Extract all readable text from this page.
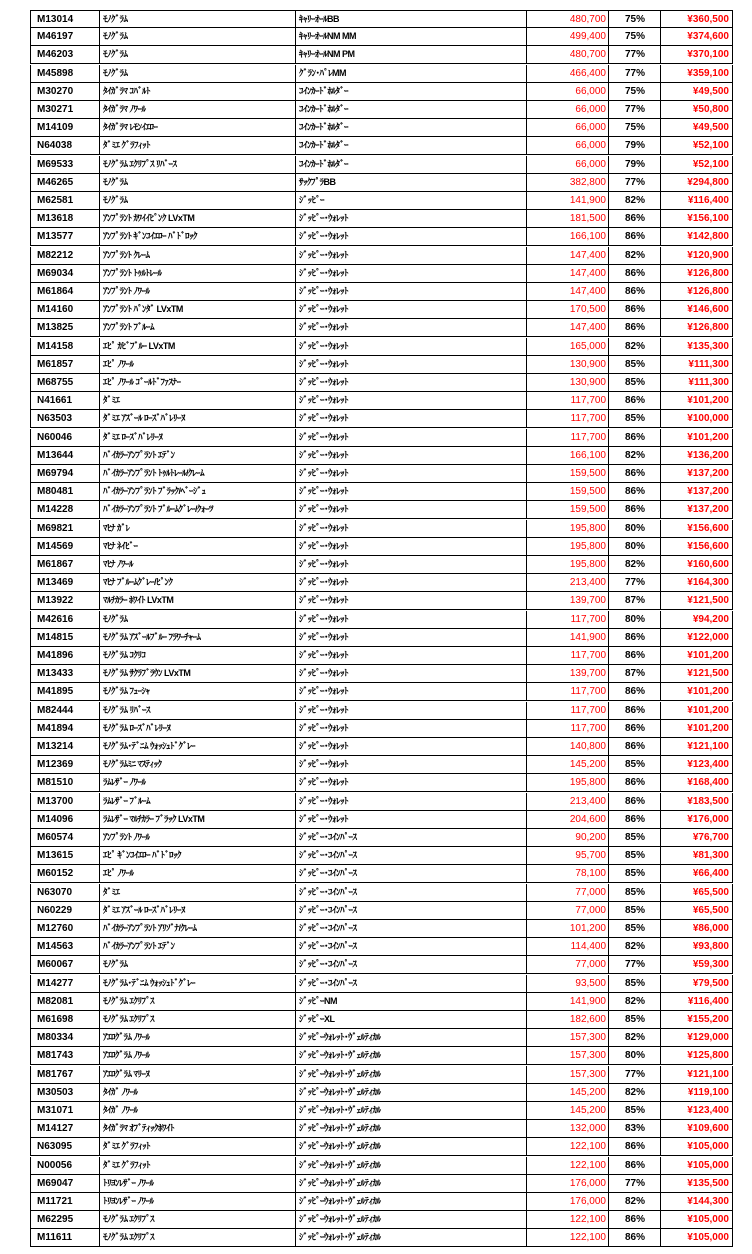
M13014	ﾓﾉｸﾞﾗﾑ	ｷｬﾘｰｵｰﾙBB	480,700	75%	¥360,500
M46197	ﾓﾉｸﾞﾗﾑ	ｷｬﾘｰｵｰﾙNM MM	499,400	75%	¥374,600
M46203	ﾓﾉｸﾞﾗﾑ	ｷｬﾘｰｵｰﾙNM PM	480,700	77%	¥370,100
M45898	ﾓﾉｸﾞﾗﾑ	ｸﾞﾗﾝ･ﾊﾟﾚMM	466,400	77%	¥359,100
M30270	ﾀｲｶﾞﾗﾏ ｺﾊﾞﾙﾄ	ｺｲﾝｶｰﾄﾞﾎﾙﾀﾞｰ	66,000	75%	¥49,500
M30271	ﾀｲｶﾞﾗﾏ ﾉﾜｰﾙ	ｺｲﾝｶｰﾄﾞﾎﾙﾀﾞｰ	66,000	77%	¥50,800
M14109	ﾀｲｶﾞﾗﾏ ﾚﾓﾝｲｴﾛｰ	ｺｲﾝｶｰﾄﾞﾎﾙﾀﾞｰ	66,000	75%	¥49,500
N64038	ﾀﾞﾐｴ ｸﾞﾗﾌｨｯﾄ	ｺｲﾝｶｰﾄﾞﾎﾙﾀﾞｰ	66,000	79%	¥52,100
M69533	ﾓﾉｸﾞﾗﾑ ｴｸﾘﾌﾟｽ ﾘﾊﾞｰｽ	ｺｲﾝｶｰﾄﾞﾎﾙﾀﾞｰ	66,000	79%	¥52,100
M46265	ﾓﾉｸﾞﾗﾑ	ｻｯｸﾌﾟﾗBB	382,800	77%	¥294,800
M62581	ﾓﾉｸﾞﾗﾑ	ｼﾞｯﾋﾟｰ	141,900	82%	¥116,400
M13618	ｱﾝﾌﾟﾗﾝﾄ ｶﾜｲｲﾋﾟﾝｸ LVxTM	ｼﾞｯﾋﾟｰ･ｳｫﾚｯﾄ	181,500	86%	¥156,100
M13577	ｱﾝﾌﾟﾗﾝﾄ ｷﾞﾝｺｲｴﾛｰ ﾊﾞﾄﾞﾛｯｸ	ｼﾞｯﾋﾟｰ･ｳｫﾚｯﾄ	166,100	86%	¥142,800
M82212	ｱﾝﾌﾟﾗﾝﾄ ｸﾚｰﾑ	ｼﾞｯﾋﾟｰ･ｳｫﾚｯﾄ	147,400	82%	¥120,900
M69034	ｱﾝﾌﾟﾗﾝﾄ ﾄｩﾙﾄﾚｰﾙ	ｼﾞｯﾋﾟｰ･ｳｫﾚｯﾄ	147,400	86%	¥126,800
M61864	ｱﾝﾌﾟﾗﾝﾄ ﾉﾜｰﾙ	ｼﾞｯﾋﾟｰ･ｳｫﾚｯﾄ	147,400	86%	¥126,800
M14160	ｱﾝﾌﾟﾗﾝﾄ ﾊﾟﾝﾀﾞ LVxTM	ｼﾞｯﾋﾟｰ･ｳｫﾚｯﾄ	170,500	86%	¥146,600
M13825	ｱﾝﾌﾟﾗﾝﾄ ﾌﾞﾙｰﾑ	ｼﾞｯﾋﾟｰ･ｳｫﾚｯﾄ	147,400	86%	¥126,800
M14158	ｴﾋﾟ ｶﾋﾞﾌﾞﾙｰ LVxTM	ｼﾞｯﾋﾟｰ･ｳｫﾚｯﾄ	165,000	82%	¥135,300
M61857	ｴﾋﾟ ﾉﾜｰﾙ	ｼﾞｯﾋﾟｰ･ｳｫﾚｯﾄ	130,900	85%	¥111,300
M68755	ｴﾋﾟ ﾉﾜｰﾙ ｺﾞｰﾙﾄﾞﾌｧｽﾅｰ	ｼﾞｯﾋﾟｰ･ｳｫﾚｯﾄ	130,900	85%	¥111,300
N41661	ﾀﾞﾐｴ	ｼﾞｯﾋﾟｰ･ｳｫﾚｯﾄ	117,700	86%	¥101,200
N63503	ﾀﾞﾐｴ ｱｽﾞｰﾙ ﾛｰｽﾞﾊﾞﾚﾘｰﾇ	ｼﾞｯﾋﾟｰ･ｳｫﾚｯﾄ	117,700	85%	¥100,000
N60046	ﾀﾞﾐｴ ﾛｰｽﾞﾊﾞﾚﾘｰﾇ	ｼﾞｯﾋﾟｰ･ｳｫﾚｯﾄ	117,700	86%	¥101,200
M13644	ﾊﾞｲｶﾗｰｱﾝﾌﾟﾗﾝﾄ ｴﾃﾞﾝ	ｼﾞｯﾋﾟｰ･ｳｫﾚｯﾄ	166,100	82%	¥136,200
M69794	ﾊﾞｲｶﾗｰｱﾝﾌﾟﾗﾝﾄ ﾄｩﾙﾄﾚｰﾙ/ｸﾚｰﾑ	ｼﾞｯﾋﾟｰ･ｳｫﾚｯﾄ	159,500	86%	¥137,200
M80481	ﾊﾞｲｶﾗｰｱﾝﾌﾟﾗﾝﾄ ﾌﾞﾗｯｸ/ﾍﾞｰｼﾞｭ	ｼﾞｯﾋﾟｰ･ｳｫﾚｯﾄ	159,500	86%	¥137,200
M14228	ﾊﾞｲｶﾗｰｱﾝﾌﾟﾗﾝﾄ ﾌﾞﾙｰﾑｸﾞﾚｰ/ｸｫｰﾂ	ｼﾞｯﾋﾟｰ･ｳｫﾚｯﾄ	159,500	86%	¥137,200
M69821	ﾏﾋﾅ ｶﾞﾚ	ｼﾞｯﾋﾟｰ･ｳｫﾚｯﾄ	195,800	80%	¥156,600
M14569	ﾏﾋﾅ ﾈｲﾋﾞｰ	ｼﾞｯﾋﾟｰ･ｳｫﾚｯﾄ	195,800	80%	¥156,600
M61867	ﾏﾋﾅ ﾉﾜｰﾙ	ｼﾞｯﾋﾟｰ･ｳｫﾚｯﾄ	195,800	82%	¥160,600
M13469	ﾏﾋﾅ ﾌﾞﾙｰﾑｸﾞﾚｰ/ﾋﾟﾝｸ	ｼﾞｯﾋﾟｰ･ｳｫﾚｯﾄ	213,400	77%	¥164,300
M13922	ﾏﾙﾁｶﾗｰ ﾎﾜｲﾄ LVxTM	ｼﾞｯﾋﾟｰ･ｳｫﾚｯﾄ	139,700	87%	¥121,500
M42616	ﾓﾉｸﾞﾗﾑ	ｼﾞｯﾋﾟｰ･ｳｫﾚｯﾄ	117,700	80%	¥94,200
M14815	ﾓﾉｸﾞﾗﾑ ｱｽﾞｰﾙﾌﾞﾙｰ ﾌﾗﾜｰﾁｬｰﾑ	ｼﾞｯﾋﾟｰ･ｳｫﾚｯﾄ	141,900	86%	¥122,000
M41896	ﾓﾉｸﾞﾗﾑ ｺｸﾘｺ	ｼﾞｯﾋﾟｰ･ｳｫﾚｯﾄ	117,700	86%	¥101,200
M13433	ﾓﾉｸﾞﾗﾑ ｻｸﾗﾌﾞﾗｳﾝ LVxTM	ｼﾞｯﾋﾟｰ･ｳｫﾚｯﾄ	139,700	87%	¥121,500
M41895	ﾓﾉｸﾞﾗﾑ ﾌｭｰｼｬ	ｼﾞｯﾋﾟｰ･ｳｫﾚｯﾄ	117,700	86%	¥101,200
M82444	ﾓﾉｸﾞﾗﾑ ﾘﾊﾞｰｽ	ｼﾞｯﾋﾟｰ･ｳｫﾚｯﾄ	117,700	86%	¥101,200
M41894	ﾓﾉｸﾞﾗﾑ ﾛｰｽﾞﾊﾞﾚﾘｰﾇ	ｼﾞｯﾋﾟｰ･ｳｫﾚｯﾄ	117,700	86%	¥101,200
M13214	ﾓﾉｸﾞﾗﾑ･ﾃﾞﾆﾑ ｳｫｯｼｭﾄﾞｸﾞﾚｰ	ｼﾞｯﾋﾟｰ･ｳｫﾚｯﾄ	140,800	86%	¥121,100
M12369	ﾓﾉｸﾞﾗﾑﾐﾆ ﾏｽﾃｨｯｸ	ｼﾞｯﾋﾟｰ･ｳｫﾚｯﾄ	145,200	85%	¥123,400
M81510	ﾗﾑﾚｻﾞｰ ﾉﾜｰﾙ	ｼﾞｯﾋﾟｰ･ｳｫﾚｯﾄ	195,800	86%	¥168,400
M13700	ﾗﾑﾚｻﾞｰ ﾌﾞﾙｰﾑ	ｼﾞｯﾋﾟｰ･ｳｫﾚｯﾄ	213,400	86%	¥183,500
M14096	ﾗﾑﾚｻﾞｰ ﾏﾙﾁｶﾗｰ ﾌﾞﾗｯｸ LVxTM	ｼﾞｯﾋﾟｰ･ｳｫﾚｯﾄ	204,600	86%	¥176,000
M60574	ｱﾝﾌﾟﾗﾝﾄ ﾉﾜｰﾙ	ｼﾞｯﾋﾟｰ･ｺｲﾝﾊﾟｰｽ	90,200	85%	¥76,700
M13615	ｴﾋﾟ ｷﾞﾝｺｲｴﾛｰ ﾊﾞﾄﾞﾛｯｸ	ｼﾞｯﾋﾟｰ･ｺｲﾝﾊﾟｰｽ	95,700	85%	¥81,300
M60152	ｴﾋﾟ ﾉﾜｰﾙ	ｼﾞｯﾋﾟｰ･ｺｲﾝﾊﾟｰｽ	78,100	85%	¥66,400
N63070	ﾀﾞﾐｴ	ｼﾞｯﾋﾟｰ･ｺｲﾝﾊﾟｰｽ	77,000	85%	¥65,500
N60229	ﾀﾞﾐｴ ｱｽﾞｰﾙ ﾛｰｽﾞﾊﾞﾚﾘｰﾇ	ｼﾞｯﾋﾟｰ･ｺｲﾝﾊﾟｰｽ	77,000	85%	¥65,500
M12760	ﾊﾞｲｶﾗｰｱﾝﾌﾟﾗﾝﾄ ｱﾘｿﾞﾅ/ｸﾚｰﾑ	ｼﾞｯﾋﾟｰ･ｺｲﾝﾊﾟｰｽ	101,200	85%	¥86,000
M14563	ﾊﾞｲｶﾗｰｱﾝﾌﾟﾗﾝﾄ ｴﾃﾞﾝ	ｼﾞｯﾋﾟｰ･ｺｲﾝﾊﾟｰｽ	114,400	82%	¥93,800
M60067	ﾓﾉｸﾞﾗﾑ	ｼﾞｯﾋﾟｰ･ｺｲﾝﾊﾟｰｽ	77,000	77%	¥59,300
M14277	ﾓﾉｸﾞﾗﾑ･ﾃﾞﾆﾑ ｳｫｯｼｭﾄﾞｸﾞﾚｰ	ｼﾞｯﾋﾟｰ･ｺｲﾝﾊﾟｰｽ	93,500	85%	¥79,500
M82081	ﾓﾉｸﾞﾗﾑ ｴｸﾘﾌﾟｽ	ｼﾞｯﾋﾟｰNM	141,900	82%	¥116,400
M61698	ﾓﾉｸﾞﾗﾑ ｴｸﾘﾌﾟｽ	ｼﾞｯﾋﾟｰXL	182,600	85%	¥155,200
M80334	ｱｴﾛｸﾞﾗﾑ ﾉﾜｰﾙ	ｼﾞｯﾋﾟｰｳｫﾚｯﾄ･ｳﾞｪﾙﾃｨｶﾙ	157,300	82%	¥129,000
M81743	ｱｴﾛｸﾞﾗﾑ ﾉﾜｰﾙ	ｼﾞｯﾋﾟｰｳｫﾚｯﾄ･ｳﾞｪﾙﾃｨｶﾙ	157,300	80%	¥125,800
M81767	ｱｴﾛｸﾞﾗﾑ ﾏﾘｰﾇ	ｼﾞｯﾋﾟｰｳｫﾚｯﾄ･ｳﾞｪﾙﾃｨｶﾙ	157,300	77%	¥121,100
M30503	ﾀｲｶﾞ ﾉﾜｰﾙ	ｼﾞｯﾋﾟｰｳｫﾚｯﾄ･ｳﾞｪﾙﾃｨｶﾙ	145,200	82%	¥119,100
M31071	ﾀｲｶﾞ ﾉﾜｰﾙ	ｼﾞｯﾋﾟｰｳｫﾚｯﾄ･ｳﾞｪﾙﾃｨｶﾙ	145,200	85%	¥123,400
M14127	ﾀｲｶﾞﾗﾏ ｵﾌﾞﾃｨｯｸﾎﾜｲﾄ	ｼﾞｯﾋﾟｰｳｫﾚｯﾄ･ｳﾞｪﾙﾃｨｶﾙ	132,000	83%	¥109,600
N63095	ﾀﾞﾐｴ ｸﾞﾗﾌｨｯﾄ	ｼﾞｯﾋﾟｰｳｫﾚｯﾄ･ｳﾞｪﾙﾃｨｶﾙ	122,100	86%	¥105,000
N00056	ﾀﾞﾐｴ ｸﾞﾗﾌｨｯﾄ	ｼﾞｯﾋﾟｰｳｫﾚｯﾄ･ｳﾞｪﾙﾃｨｶﾙ	122,100	86%	¥105,000
M69047	ﾄﾘﾖﾝﾚｻﾞｰ ﾉﾜｰﾙ	ｼﾞｯﾋﾟｰｳｫﾚｯﾄ･ｳﾞｪﾙﾃｨｶﾙ	176,000	77%	¥135,500
M11721	ﾄﾘﾖﾝﾚｻﾞｰ ﾉﾜｰﾙ	ｼﾞｯﾋﾟｰｳｫﾚｯﾄ･ｳﾞｪﾙﾃｨｶﾙ	176,000	82%	¥144,300
M62295	ﾓﾉｸﾞﾗﾑ ｴｸﾘﾌﾟｽ	ｼﾞｯﾋﾟｰｳｫﾚｯﾄ･ｳﾞｪﾙﾃｨｶﾙ	122,100	86%	¥105,000
M11611	ﾓﾉｸﾞﾗﾑ ｴｸﾘﾌﾟｽ	ｼﾞｯﾋﾟｰｳｫﾚｯﾄ･ｳﾞｪﾙﾃｨｶﾙ	122,100	86%	¥105,000
